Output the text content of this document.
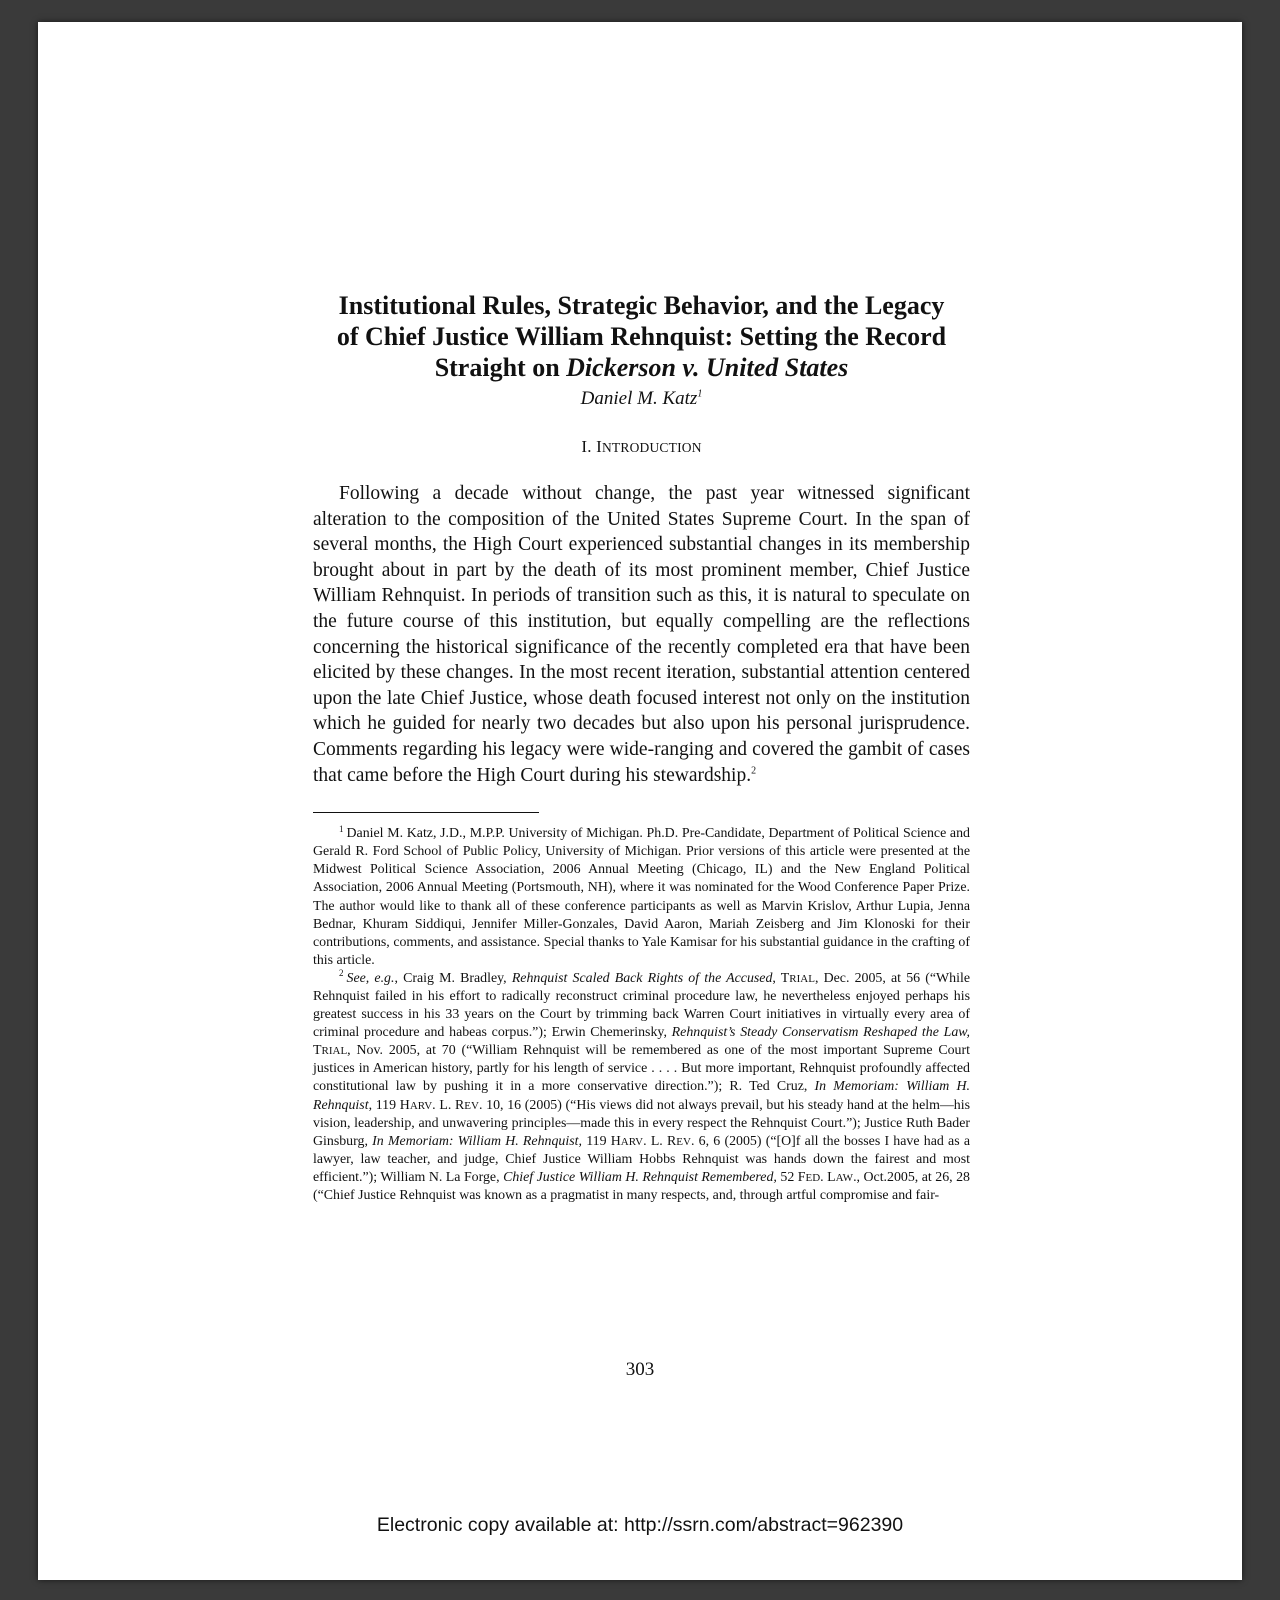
Institutional Rules, Strategic Behavior, and the Legacy
of Chief Justice William Rehnquist: Setting the Record
Straight on Dickerson v. United States

Daniel M. Katz$^1$

I. INTRODUCTION

Following a decade without change, the past year witnessed significant alteration to the composition of the United States Supreme Court. In the span of several months, the High Court experienced substantial changes in its membership brought about in part by the death of its most prominent member, Chief Justice William Rehnquist. In periods of transition such as this, it is natural to speculate on the future course of this institution, but equally compelling are the reflections concerning the historical significance of the recently completed era that have been elicited by these changes. In the most recent iteration, substantial attention centered upon the late Chief Justice, whose death focused interest not only on the institution which he guided for nearly two decades but also upon his personal jurisprudence. Comments regarding his legacy were wide-ranging and covered the gambit of cases that came before the High Court during his stewardship.$^2$

$^1$ Daniel M. Katz, J.D., M.P.P. University of Michigan. Ph.D. Pre-Candidate, Department of Political Science and Gerald R. Ford School of Public Policy, University of Michigan. Prior versions of this article were presented at the Midwest Political Science Association, 2006 Annual Meeting (Chicago, IL) and the New England Political Association, 2006 Annual Meeting (Portsmouth, NH), where it was nominated for the Wood Conference Paper Prize. The author would like to thank all of these conference participants as well as Marvin Krislov, Arthur Lupia, Jenna Bednar, Khuram Siddiqui, Jennifer Miller-Gonzales, David Aaron, Mariah Zeisberg and Jim Klonoski for their contributions, comments, and assistance. Special thanks to Yale Kamisar for his substantial guidance in the crafting of this article.

$^2$ See, e.g., Craig M. Bradley, Rehnquist Scaled Back Rights of the Accused, TRIAL, Dec. 2005, at 56 (“While Rehnquist failed in his effort to radically reconstruct criminal procedure law, he nevertheless enjoyed perhaps his greatest success in his 33 years on the Court by trimming back Warren Court initiatives in virtually every area of criminal procedure and habeas corpus.”); Erwin Chemerinsky, Rehnquist’s Steady Conservatism Reshaped the Law, TRIAL, Nov. 2005, at 70 (“William Rehnquist will be remembered as one of the most important Supreme Court justices in American history, partly for his length of service . . . . But more important, Rehnquist profoundly affected constitutional law by pushing it in a more conservative direction.”); R. Ted Cruz, In Memoriam: William H. Rehnquist, 119 HARV. L. REV. 10, 16 (2005) (“His views did not always prevail, but his steady hand at the helm—his vision, leadership, and unwavering principles—made this in every respect the Rehnquist Court.”); Justice Ruth Bader Ginsburg, In Memoriam: William H. Rehnquist, 119 HARV. L. REV. 6, 6 (2005) (“[O]f all the bosses I have had as a lawyer, law teacher, and judge, Chief Justice William Hobbs Rehnquist was hands down the fairest and most efficient.”); William N. La Forge, Chief Justice William H. Rehnquist Remembered, 52 FED. LAW., Oct.2005, at 26, 28 (“Chief Justice Rehnquist was known as a pragmatist in many respects, and, through artful compromise and fair-

303
Electronic copy available at: http://ssrn.com/abstract=962390
